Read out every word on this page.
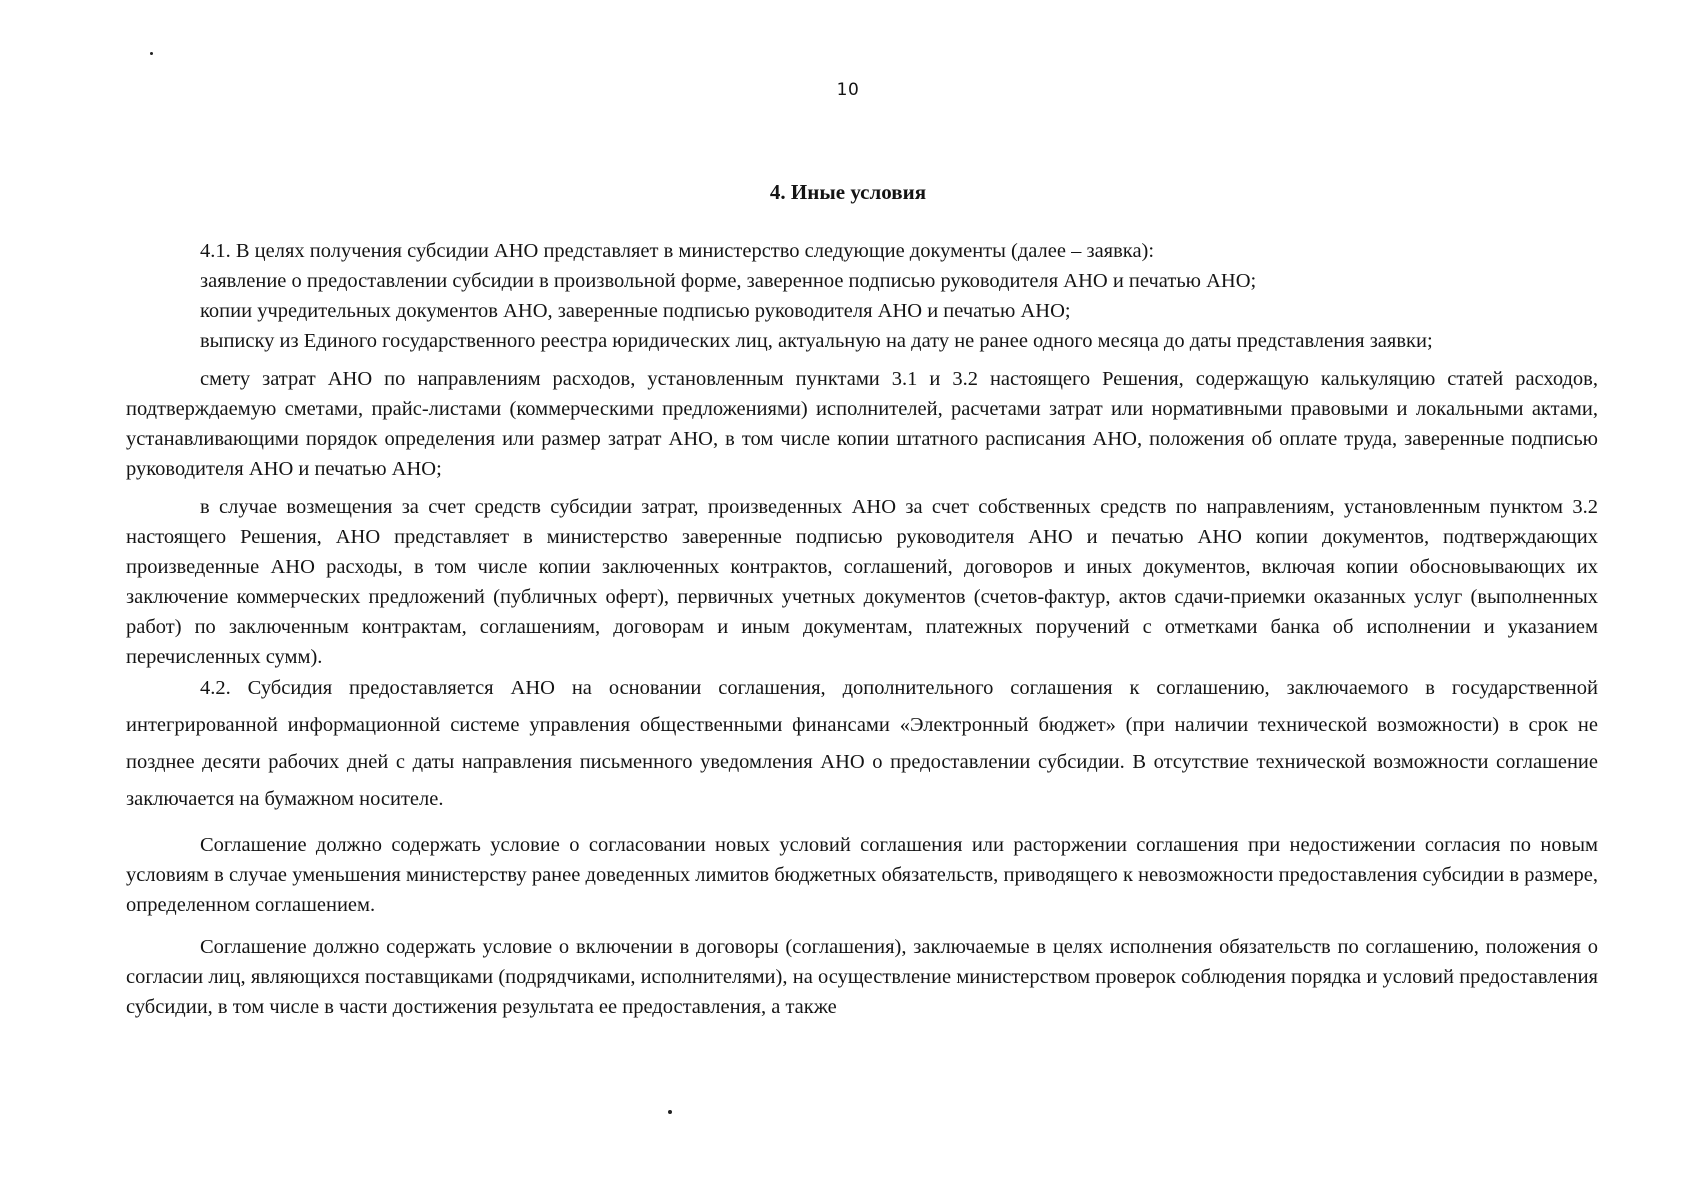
10
4. Иные условия

4.1. В целях получения субсидии АНО представляет в министерство следующие документы (далее – заявка):

заявление о предоставлении субсидии в произвольной форме, заверенное подписью руководителя АНО и печатью АНО;

копии учредительных документов АНО, заверенные подписью руководителя АНО и печатью АНО;

выписку из Единого государственного реестра юридических лиц, актуальную на дату не ранее одного месяца до даты представления заявки;

смету затрат АНО по направлениям расходов, установленным пунктами 3.1 и 3.2 настоящего Решения, содержащую калькуляцию статей расходов, подтверждаемую сметами, прайс-листами (коммерческими предложениями) исполнителей, расчетами затрат или нормативными правовыми и локальными актами, устанавливающими порядок определения или размер затрат АНО, в том числе копии штатного расписания АНО, положения об оплате труда, заверенные подписью руководителя АНО и печатью АНО;

в случае возмещения за счет средств субсидии затрат, произведенных АНО за счет собственных средств по направлениям, установленным пунктом 3.2 настоящего Решения, АНО представляет в министерство заверенные подписью руководителя АНО и печатью АНО копии документов, подтверждающих произведенные АНО расходы, в том числе копии заключенных контрактов, соглашений, договоров и иных документов, включая копии обосновывающих их заключение коммерческих предложений (публичных оферт), первичных учетных документов (счетов-фактур, актов сдачи-приемки оказанных услуг (выполненных работ) по заключенным контрактам, соглашениям, договорам и иным документам, платежных поручений с отметками банка об исполнении и указанием перечисленных сумм).

4.2. Субсидия предоставляется АНО на основании соглашения, дополнительного соглашения к соглашению, заключаемого в государственной интегрированной информационной системе управления общественными финансами «Электронный бюджет» (при наличии технической возможности) в срок не позднее десяти рабочих дней с даты направления письменного уведомления АНО о предоставлении субсидии. В отсутствие технической возможности соглашение заключается на бумажном носителе.

Соглашение должно содержать условие о согласовании новых условий соглашения или расторжении соглашения при недостижении согласия по новым условиям в случае уменьшения министерству ранее доведенных лимитов бюджетных обязательств, приводящего к невозможности предоставления субсидии в размере, определенном соглашением.

Соглашение должно содержать условие о включении в договоры (соглашения), заключаемые в целях исполнения обязательств по соглашению, положения о согласии лиц, являющихся поставщиками (подрядчиками, исполнителями), на осуществление министерством проверок соблюдения порядка и условий предоставления субсидии, в том числе в части достижения результата ее предоставления, а также
